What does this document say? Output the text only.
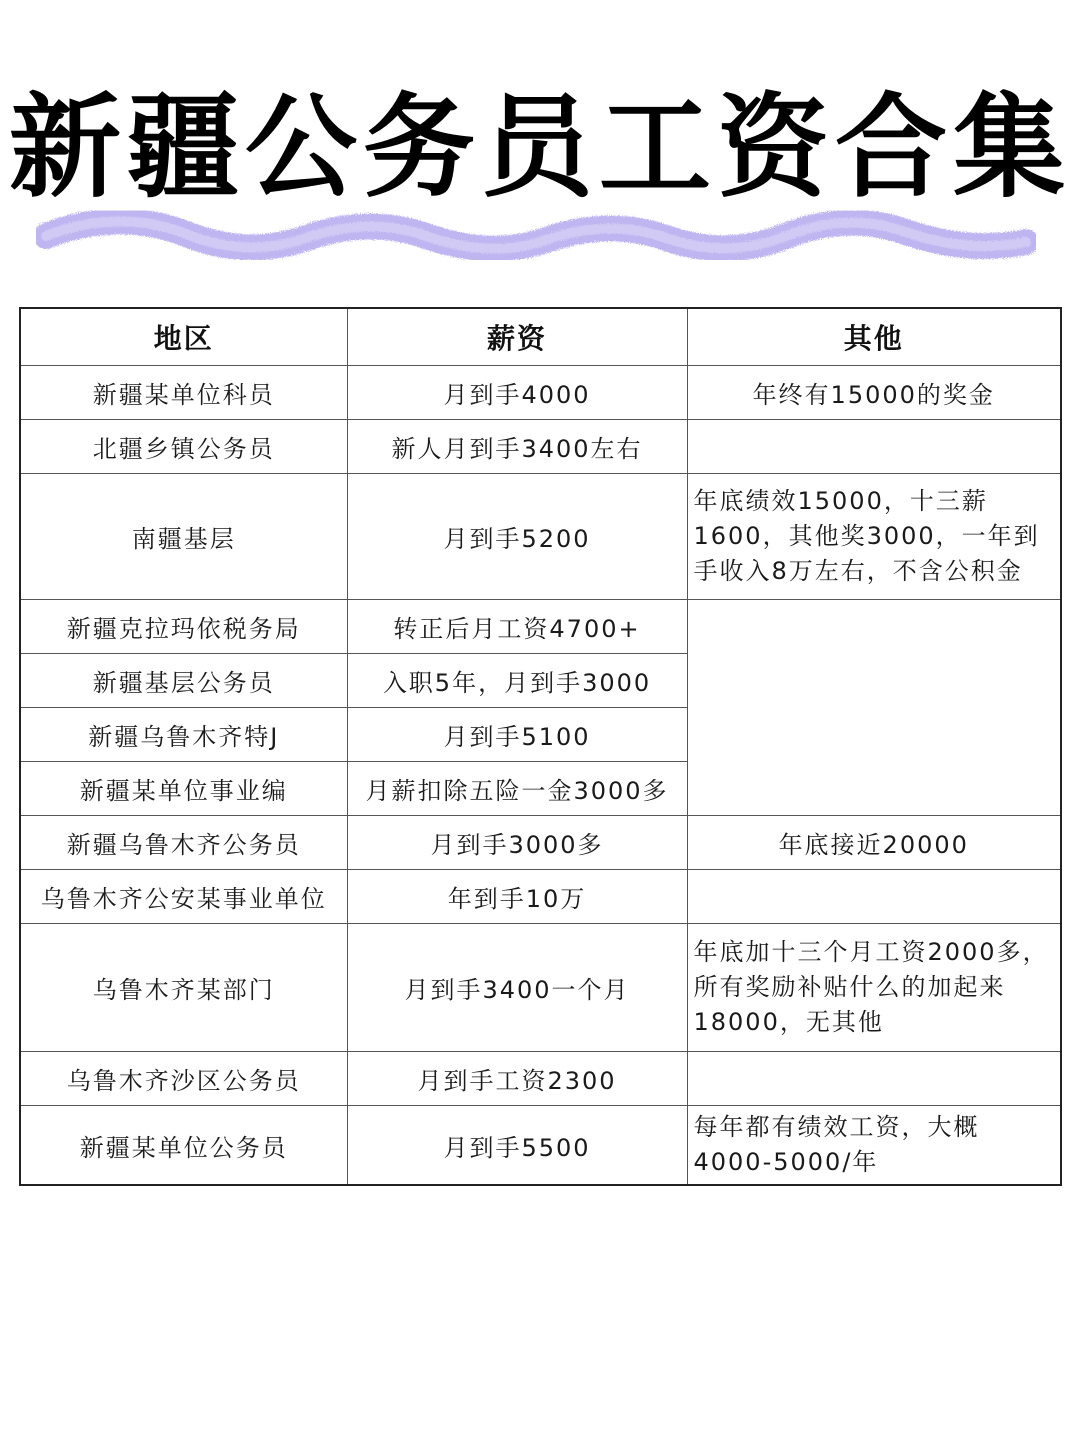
新疆公务员工资合集
地区	薪资	其他
新疆某单位科员	月到手4000	年终有15000的奖金
北疆乡镇公务员	新人月到手3400左右	
南疆基层	月到手5200	年底绩效15000，十三薪1600，其他奖3000，一年到手收入8万左右，不含公积金
新疆克拉玛依税务局	转正后月工资4700+	
新疆基层公务员	入职5年，月到手3000	
新疆乌鲁木齐特J	月到手5100	
新疆某单位事业编	月薪扣除五险一金3000多	
新疆乌鲁木齐公务员	月到手3000多	年底接近20000
乌鲁木齐公安某事业单位	年到手10万	
乌鲁木齐某部门	月到手3400一个月	年底加十三个月工资2000多，所有奖励补贴什么的加起来18000，无其他
乌鲁木齐沙区公务员	月到手工资2300	
新疆某单位公务员	月到手5500	每年都有绩效工资，大概4000-5000/年
